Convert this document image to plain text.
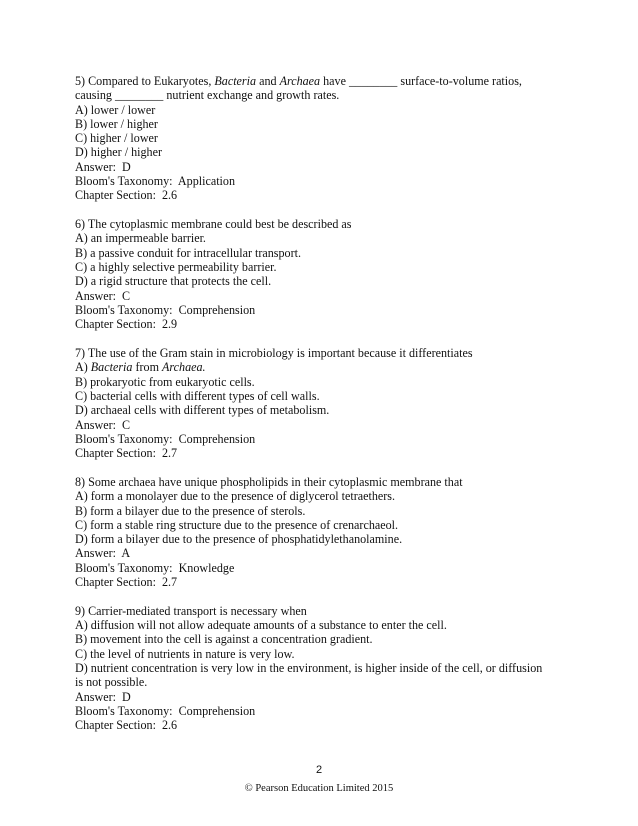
5) Compared to Eukaryotes, Bacteria and Archaea have ________ surface-to-volume ratios,
causing ________ nutrient exchange and growth rates.
A) lower / lower
B) lower / higher
C) higher / lower
D) higher / higher
Answer:  D
Bloom's Taxonomy:  Application
Chapter Section:  2.6
6) The cytoplasmic membrane could best be described as
A) an impermeable barrier.
B) a passive conduit for intracellular transport.
C) a highly selective permeability barrier.
D) a rigid structure that protects the cell.
Answer:  C
Bloom's Taxonomy:  Comprehension
Chapter Section:  2.9
7) The use of the Gram stain in microbiology is important because it differentiates
A) Bacteria from Archaea.
B) prokaryotic from eukaryotic cells.
C) bacterial cells with different types of cell walls.
D) archaeal cells with different types of metabolism.
Answer:  C
Bloom's Taxonomy:  Comprehension
Chapter Section:  2.7
8) Some archaea have unique phospholipids in their cytoplasmic membrane that
A) form a monolayer due to the presence of diglycerol tetraethers.
B) form a bilayer due to the presence of sterols.
C) form a stable ring structure due to the presence of crenarchaeol.
D) form a bilayer due to the presence of phosphatidylethanolamine.
Answer:  A
Bloom's Taxonomy:  Knowledge
Chapter Section:  2.7
9) Carrier-mediated transport is necessary when
A) diffusion will not allow adequate amounts of a substance to enter the cell.
B) movement into the cell is against a concentration gradient.
C) the level of nutrients in nature is very low.
D) nutrient concentration is very low in the environment, is higher inside of the cell, or diffusion
is not possible.
Answer:  D
Bloom's Taxonomy:  Comprehension
Chapter Section:  2.6
2
© Pearson Education Limited 2015
